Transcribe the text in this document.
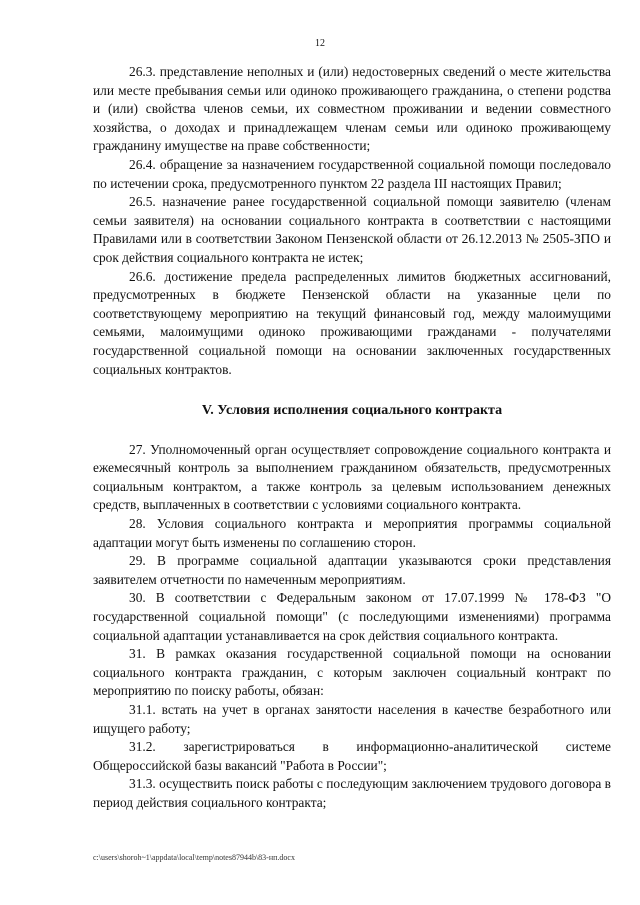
12

26.3. представление неполных и (или) недостоверных сведений о месте жительства или месте пребывания семьи или одиноко проживающего гражданина, о степени родства и (или) свойства членов семьи, их совместном проживании и ведении совместного хозяйства, о доходах и принадлежащем членам семьи или одиноко проживающему гражданину имуществе на праве собственности;

26.4. обращение за назначением государственной социальной помощи последовало по истечении срока, предусмотренного пунктом 22 раздела III настоящих Правил;

26.5. назначение ранее государственной социальной помощи заявителю (членам семьи заявителя) на основании социального контракта в соответствии с настоящими Правилами или в соответствии Законом Пензенской области от 26.12.2013 № 2505-ЗПО и срок действия социального контракта не истек;

26.6. достижение предела распределенных лимитов бюджетных ассигнований, предусмотренных в бюджете Пензенской области на указанные цели по соответствующему мероприятию на текущий финансовый год, между малоимущими семьями, малоимущими одиноко проживающими гражданами - получателями государственной социальной помощи на основании заключенных государственных социальных контрактов.

V. Условия исполнения социального контракта

27. Уполномоченный орган осуществляет сопровождение социального контракта и ежемесячный контроль за выполнением гражданином обязательств, предусмотренных социальным контрактом, а также контроль за целевым использованием денежных средств, выплаченных в соответствии с условиями социального контракта.

28. Условия социального контракта и мероприятия программы социальной адаптации могут быть изменены по соглашению сторон.

29. В программе социальной адаптации указываются сроки представления заявителем отчетности по намеченным мероприятиям.

30. В соответствии с Федеральным законом от 17.07.1999 № 178-ФЗ "О государственной социальной помощи" (с последующими изменениями) программа социальной адаптации устанавливается на срок действия социального контракта.

31. В рамках оказания государственной социальной помощи на основании социального контракта гражданин, с которым заключен социальный контракт по мероприятию по поиску работы, обязан:

31.1. встать на учет в органах занятости населения в качестве безработного или ищущего работу;

31.2. зарегистрироваться в информационно-аналитической системе Общероссийской базы вакансий "Работа в России";

31.3. осуществить поиск работы с последующим заключением трудового договора в период действия социального контракта;

c:\users\shoroh~1\appdata\local\temp\notes87944b\83-нп.docx
